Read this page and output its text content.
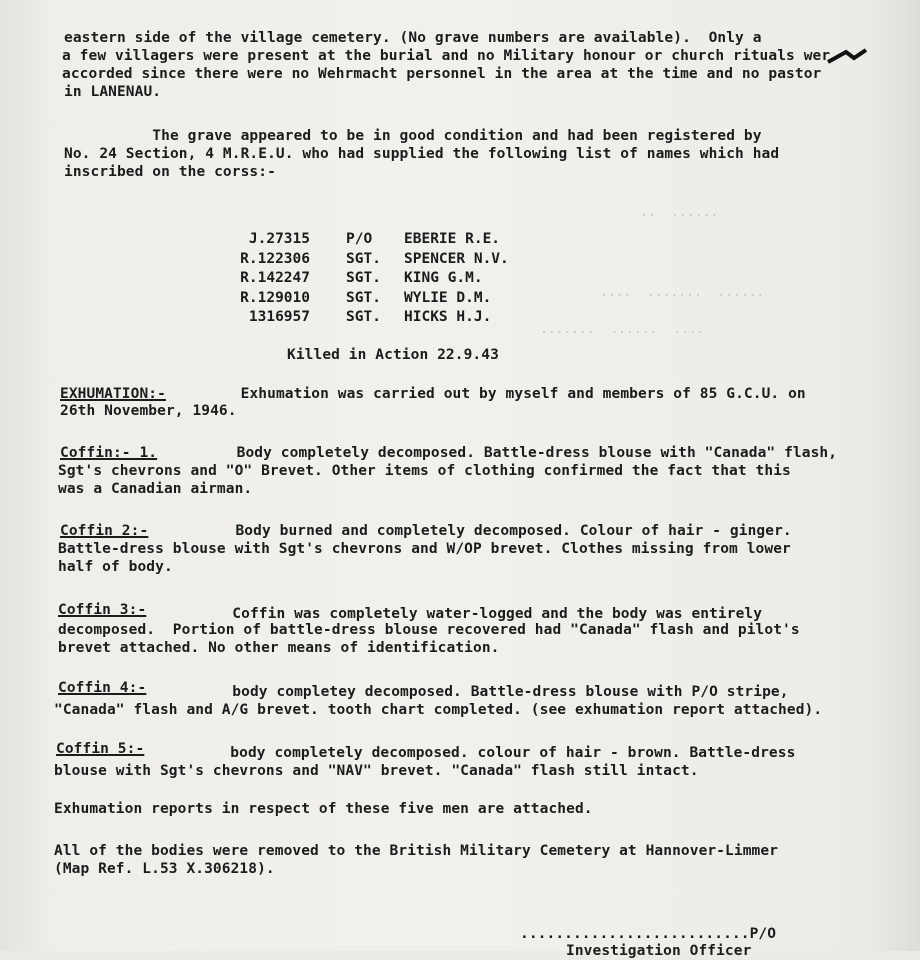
..  ......
....  .......  ......
.......  ......  ....

eastern side of the village cemetery. (No grave numbers are available).  Only a

a few villagers were present at the burial and no Military honour or church rituals wer

accorded since there were no Wehrmacht personnel in the area at the time and no pastor

in LANENAU.

The grave appeared to be in good condition and had been registered by

No. 24 Section, 4 M.R.E.U. who had supplied the following list of names which had

inscribed on the corss:-

J.27315	P/O	EBERIE R.E.
R.122306	SGT.	SPENCER N.V.
R.142247	SGT.	KING G.M.
R.129010	SGT.	WYLIE D.M.
1316957	SGT.	HICKS H.J.

Killed in Action 22.9.43

EXHUMATION:- Exhumation was carried out by myself and members of 85 G.C.U. on

26th November, 1946.

Coffin:- 1. Body completely decomposed. Battle-dress blouse with "Canada" flash,

Sgt's chevrons and "O" Brevet. Other items of clothing confirmed the fact that this

was a Canadian airman.

Coffin 2:- Body burned and completely decomposed. Colour of hair - ginger.

Battle-dress blouse with Sgt's chevrons and W/OP brevet. Clothes missing from lower

half of body.

Coffin 3:-

Coffin was completely water-logged and the body was entirely

decomposed.  Portion of battle-dress blouse recovered had "Canada" flash and pilot's

brevet attached. No other means of identification.

Coffin 4:-

body completey decomposed. Battle-dress blouse with P/O stripe,

"Canada" flash and A/G brevet. tooth chart completed. (see exhumation report attached).

Coffin 5:-

body completely decomposed. colour of hair - brown. Battle-dress

blouse with Sgt's chevrons and "NAV" brevet. "Canada" flash still intact.

Exhumation reports in respect of these five men are attached.

All of the bodies were removed to the British Military Cemetery at Hannover-Limmer

(Map Ref. L.53 X.306218).

..........................P/O

Investigation Officer
